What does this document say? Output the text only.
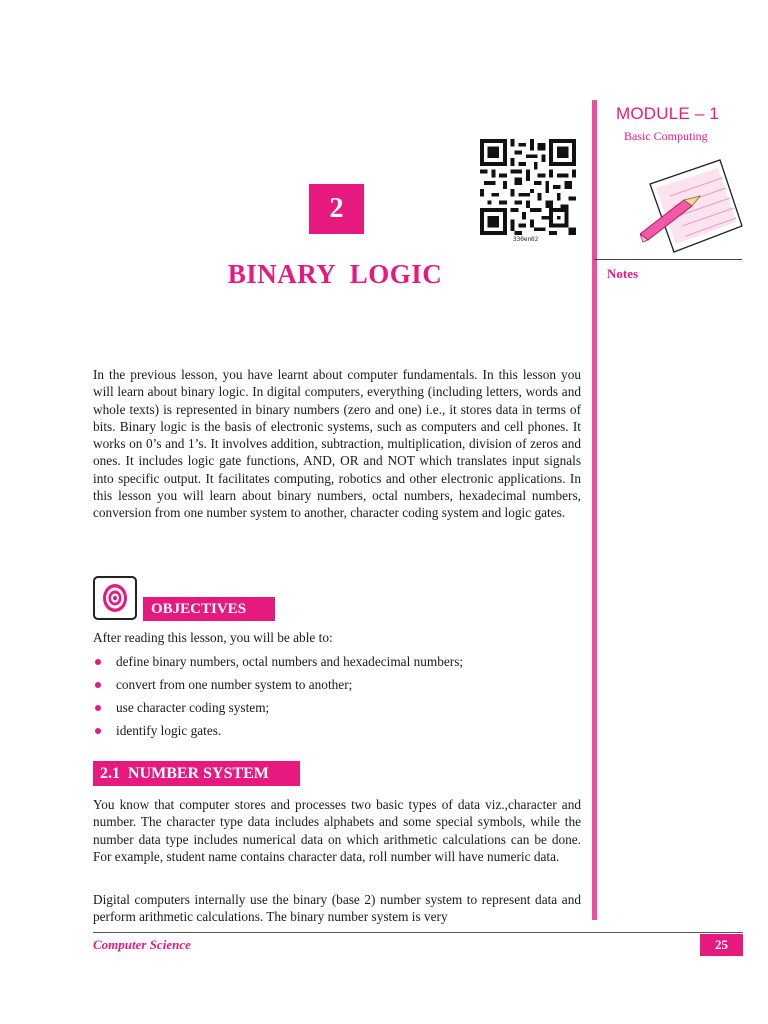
MODULE – 1
Basic Computing
Notes
2
330en02
BINARY  LOGIC

In the previous lesson, you have learnt about computer fundamentals. In this lesson you will learn about binary logic. In digital computers, everything (including letters, words and whole texts) is represented in binary numbers (zero and one) i.e., it stores data in terms of bits. Binary logic is the basis of electronic systems, such as computers and cell phones. It works on 0’s and 1’s. It involves addition, subtraction, multiplication, division of zeros and ones. It includes logic gate functions, AND, OR and NOT which translates input signals into specific output. It facilitates computing, robotics and other electronic applications. In this lesson you will learn about binary numbers, octal numbers, hexadecimal numbers, conversion from one number system to another, character coding system and logic gates.

OBJECTIVES
After reading this lesson, you will be able to:
define binary numbers, octal numbers and hexadecimal numbers;
convert from one number system to another;
use character coding system;
identify logic gates.
2.1  NUMBER SYSTEM

You know that computer stores and processes two basic types of data viz.,character and number. The character type data includes alphabets and some special symbols, while the number data type includes numerical data on which arithmetic calculations can be done. For example, student name contains character data, roll number will have numeric data.

Digital computers internally use the binary (base 2) number system to represent data and perform arithmetic calculations. The binary number system is very

Computer Science	25
